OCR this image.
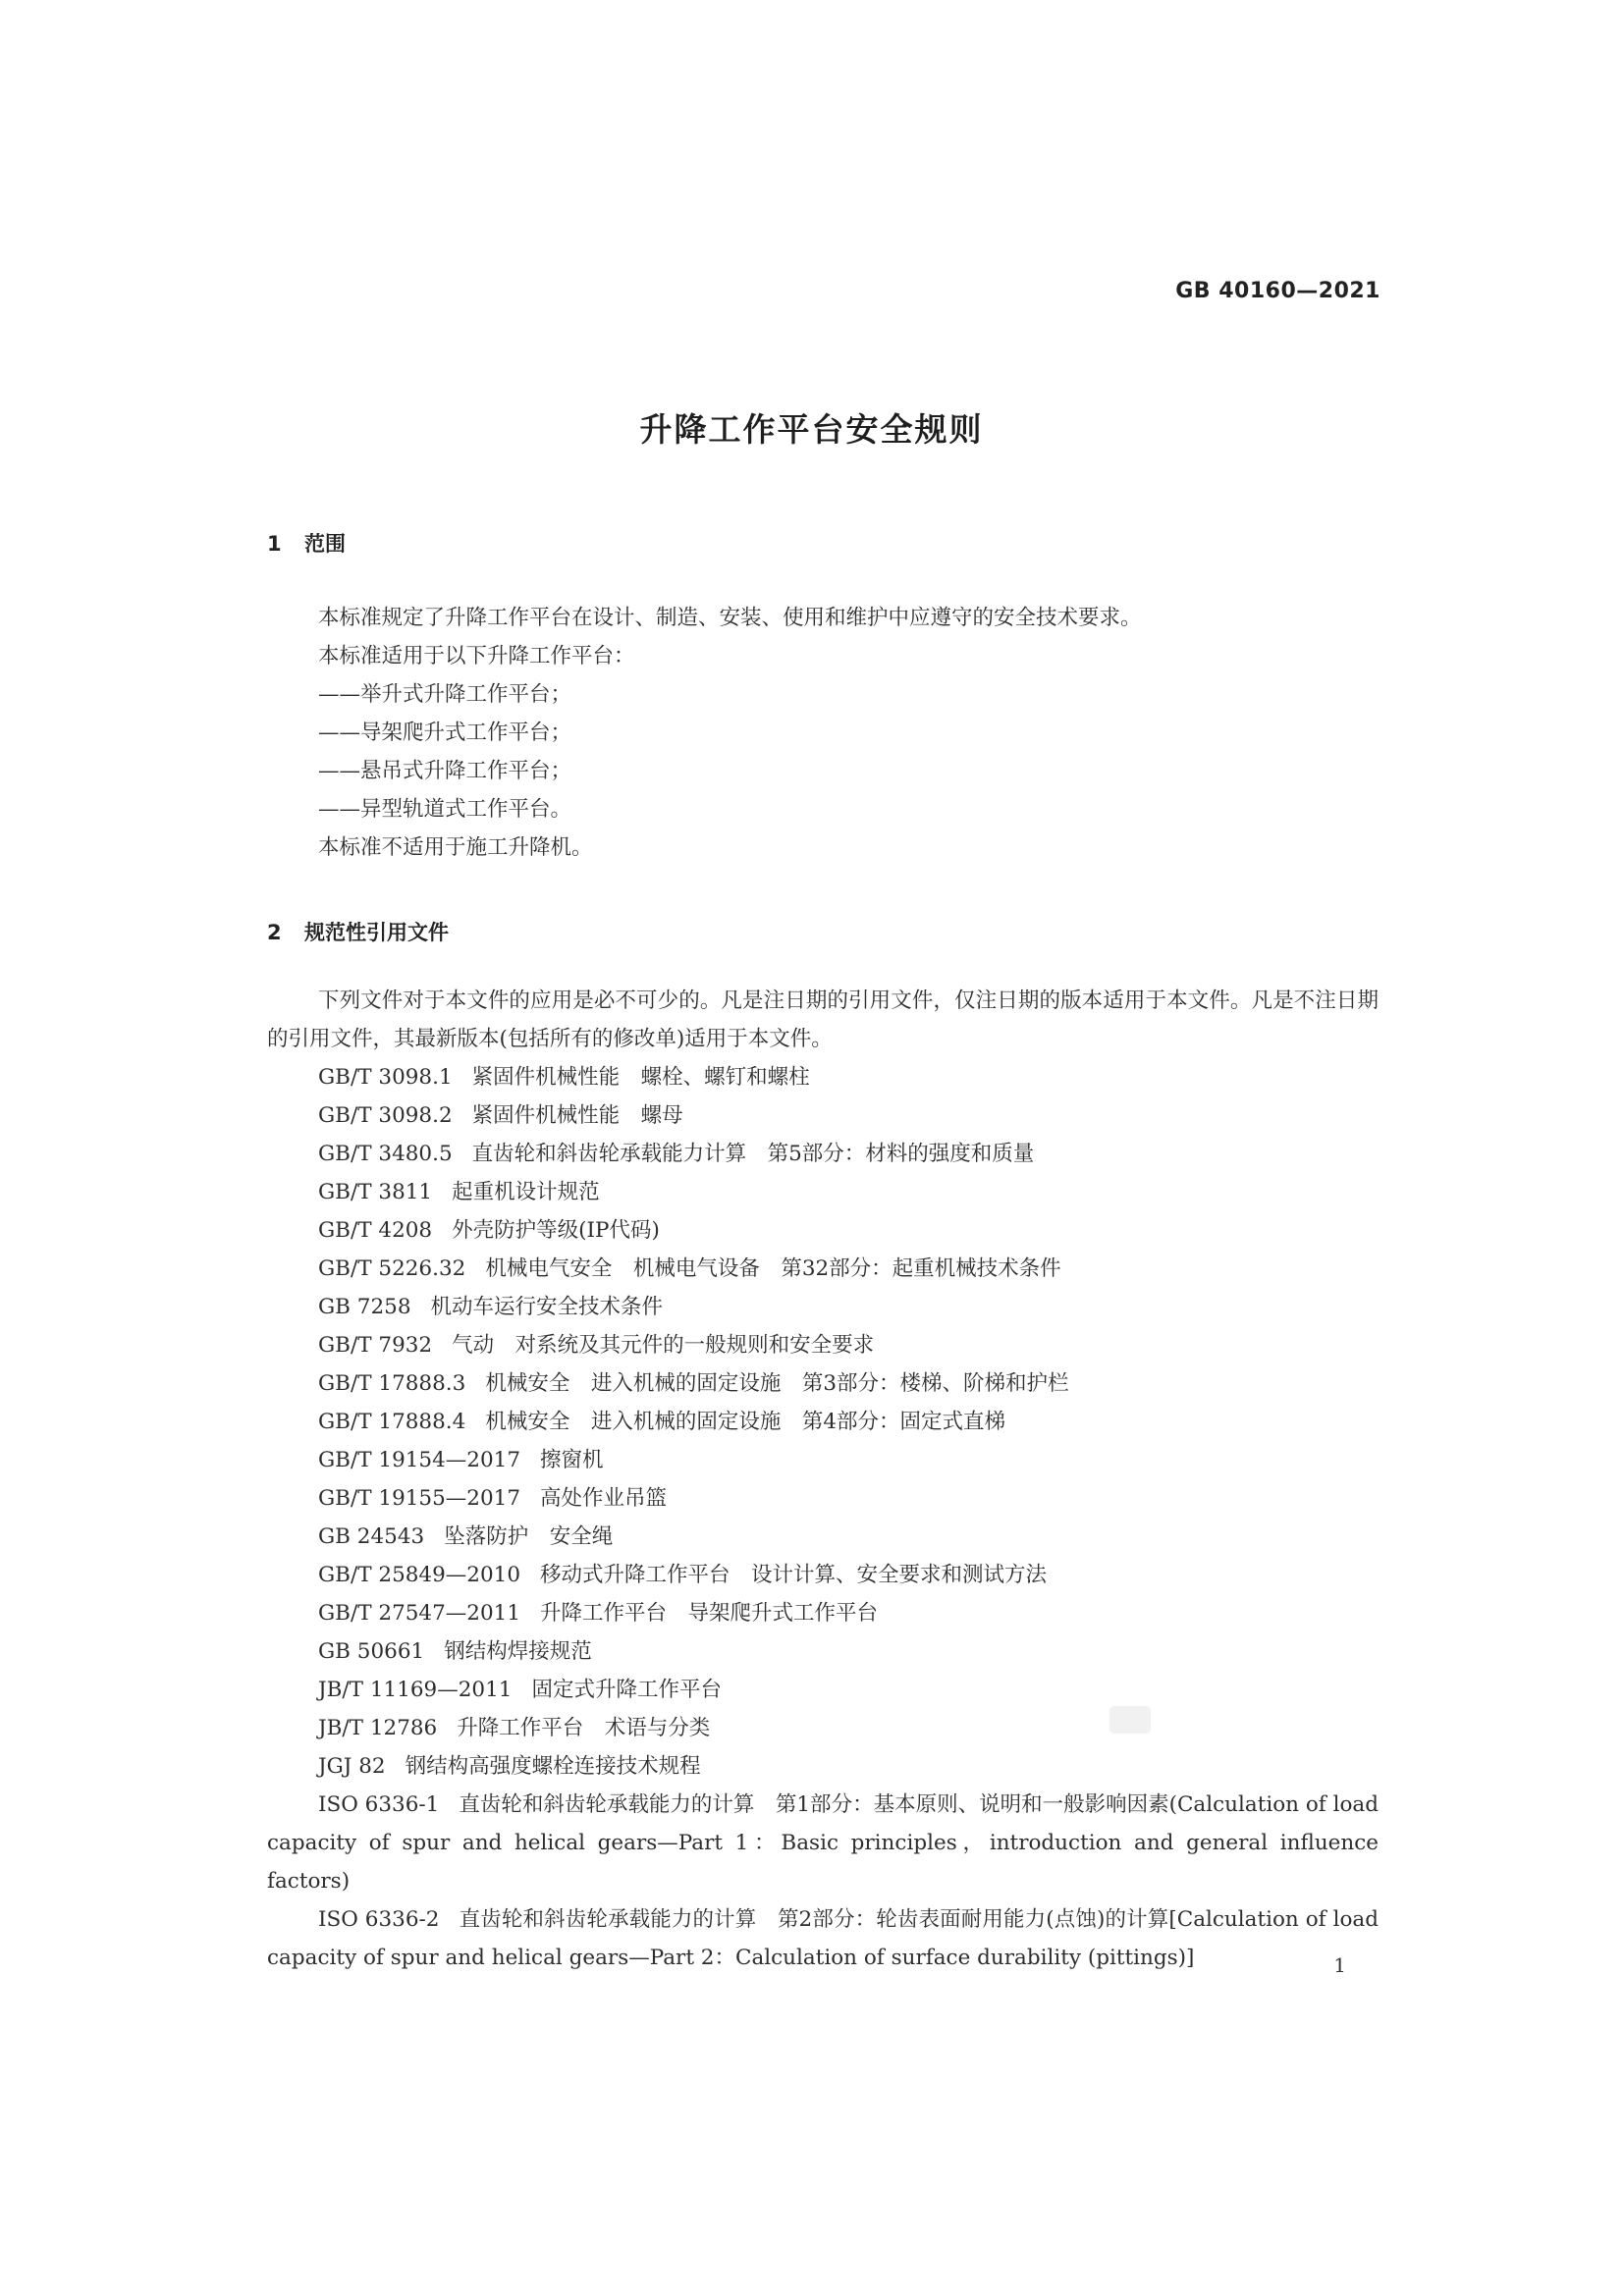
GB 40160—2021
升降工作平台安全规则
1 范围
本标准规定了升降工作平台在设计、制造、安装、使用和维护中应遵守的安全技术要求。
本标准适用于以下升降工作平台：
——举升式升降工作平台；
——导架爬升式工作平台；
——悬吊式升降工作平台；
——异型轨道式工作平台。
本标准不适用于施工升降机。
2 规范性引用文件
下列文件对于本文件的应用是必不可少的。凡是注日期的引用文件，仅注日期的版本适用于本文件。凡是不注日期的引用文件，其最新版本(包括所有的修改单)适用于本文件。
GB/T 3098.1 紧固件机械性能　螺栓、螺钉和螺柱
GB/T 3098.2 紧固件机械性能　螺母
GB/T 3480.5 直齿轮和斜齿轮承载能力计算　第5部分：材料的强度和质量
GB/T 3811 起重机设计规范
GB/T 4208 外壳防护等级(IP代码)
GB/T 5226.32 机械电气安全　机械电气设备　第32部分：起重机械技术条件
GB 7258 机动车运行安全技术条件
GB/T 7932 气动　对系统及其元件的一般规则和安全要求
GB/T 17888.3 机械安全　进入机械的固定设施　第3部分：楼梯、阶梯和护栏
GB/T 17888.4 机械安全　进入机械的固定设施　第4部分：固定式直梯
GB/T 19154—2017 擦窗机
GB/T 19155—2017 高处作业吊篮
GB 24543 坠落防护　安全绳
GB/T 25849—2010 移动式升降工作平台　设计计算、安全要求和测试方法
GB/T 27547—2011 升降工作平台　导架爬升式工作平台
GB 50661 钢结构焊接规范
JB/T 11169—2011 固定式升降工作平台
JB/T 12786 升降工作平台　术语与分类
JGJ 82 钢结构高强度螺栓连接技术规程
ISO 6336-1 直齿轮和斜齿轮承载能力的计算　第1部分：基本原则、说明和一般影响因素(Calculation of load capacity of spur and helical gears—Part 1：Basic principles，introduction and general influence factors)
ISO 6336-2 直齿轮和斜齿轮承载能力的计算　第2部分：轮齿表面耐用能力(点蚀)的计算[Calculation of load capacity of spur and helical gears—Part 2：Calculation of surface durability (pittings)]	1
